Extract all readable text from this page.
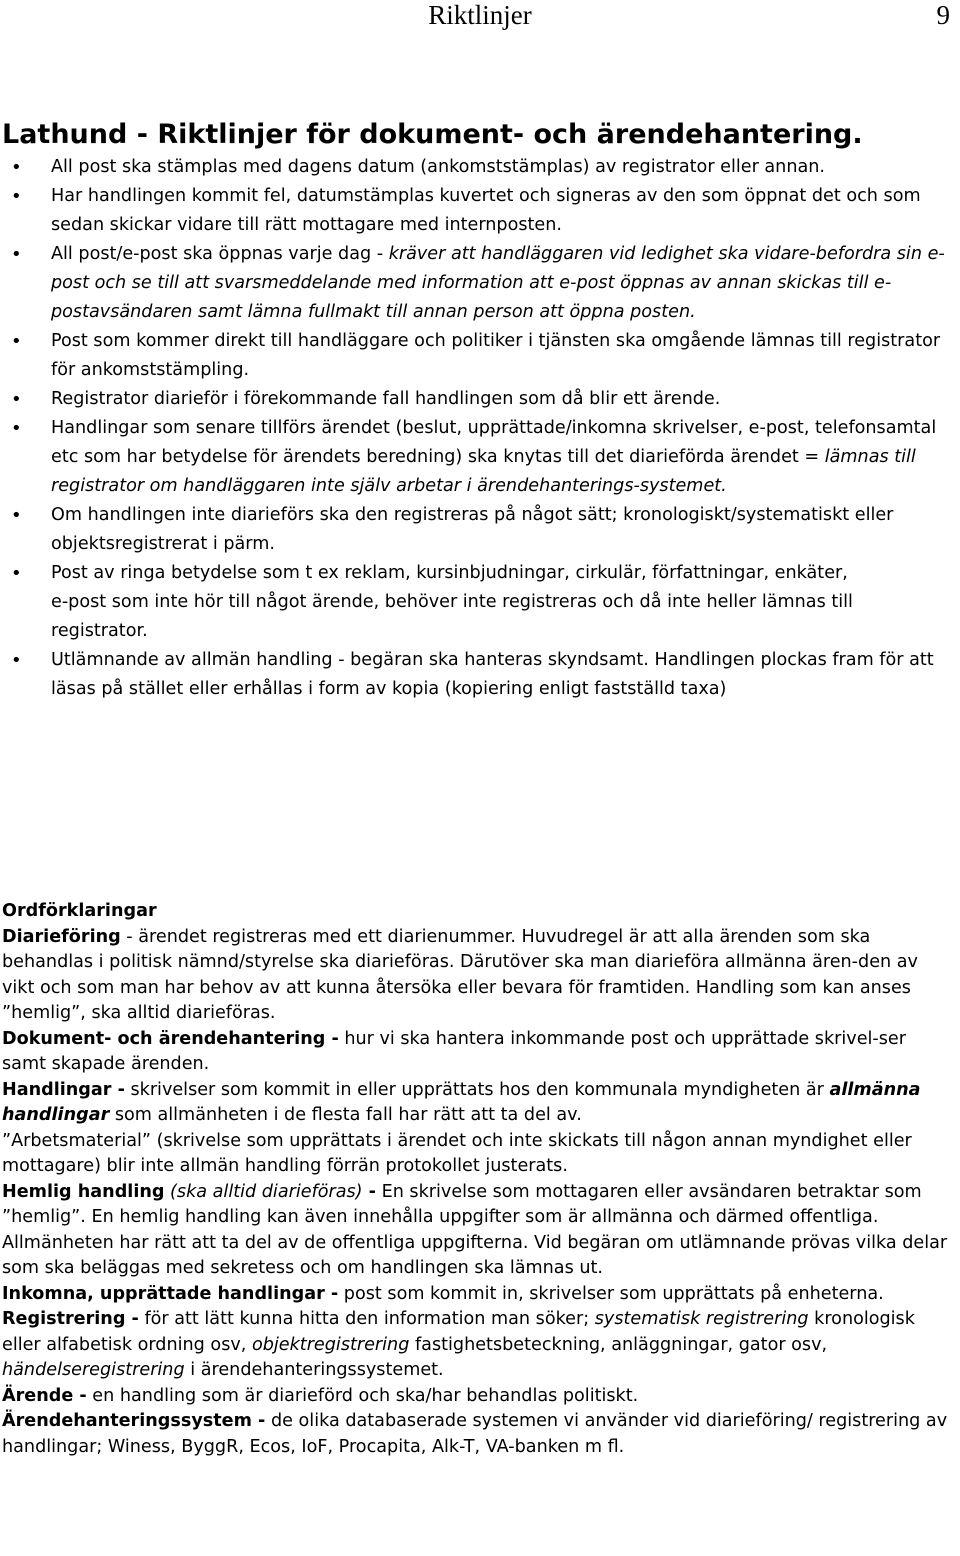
Riktlinjer	9
Lathund - Riktlinjer för dokument- och ärendehantering.
• All post ska stämplas med dagens datum (ankomststämplas) av registrator eller annan.
• Har handlingen kommit fel, datumstämplas kuvertet och signeras av den som öppnat det och som sedan skickar vidare till rätt mottagare med internposten.
• All post/e-post ska öppnas varje dag - kräver att handläggaren vid ledighet ska vidare-befordra sin e-post och se till att svarsmeddelande med information att e-post öppnas av annan skickas till e-postavsändaren samt lämna fullmakt till annan person att öppna posten.
• Post som kommer direkt till handläggare och politiker i tjänsten ska omgående lämnas till registrator för ankomststämpling.
• Registrator diarieför i förekommande fall handlingen som då blir ett ärende.
• Handlingar som senare tillförs ärendet (beslut, upprättade/inkomna skrivelser, e-post, telefonsamtal etc som har betydelse för ärendets beredning) ska knytas till det diarieförda ärendet = lämnas till registrator om handläggaren inte själv arbetar i ärendehanterings-systemet.
• Om handlingen inte diarieförs ska den registreras på något sätt; kronologiskt/systematiskt eller objektsregistrerat i pärm.
• Post av ringa betydelse som t ex reklam, kursinbjudningar, cirkulär, författningar, enkäter,
e-post som inte hör till något ärende, behöver inte registreras och då inte heller lämnas till registrator.
• Utlämnande av allmän handling - begäran ska hanteras skyndsamt. Handlingen plockas fram för att läsas på stället eller erhållas i form av kopia (kopiering enligt fastställd taxa)

Ordförklaringar

Diarieföring - ärendet registreras med ett diarienummer. Huvudregel är att alla ärenden som ska behandlas i politisk nämnd/styrelse ska diarieföras. Därutöver ska man diarieföra allmänna ären-den av vikt och som man har behov av att kunna återsöka eller bevara för framtiden. Handling som kan anses ”hemlig”, ska alltid diarieföras.

Dokument- och ärendehantering - hur vi ska hantera inkommande post och upprättade skrivel-ser samt skapade ärenden.

Handlingar - skrivelser som kommit in eller upprättats hos den kommunala myndigheten är allmänna handlingar som allmänheten i de flesta fall har rätt att ta del av.

”Arbetsmaterial” (skrivelse som upprättats i ärendet och inte skickats till någon annan myndighet eller mottagare) blir inte allmän handling förrän protokollet justerats.

Hemlig handling (ska alltid diarieföras) - En skrivelse som mottagaren eller avsändaren betraktar som ”hemlig”. En hemlig handling kan även innehålla uppgifter som är allmänna och därmed offentliga. Allmänheten har rätt att ta del av de offentliga uppgifterna. Vid begäran om utlämnande prövas vilka delar som ska beläggas med sekretess och om handlingen ska lämnas ut.

Inkomna, upprättade handlingar - post som kommit in, skrivelser som upprättats på enheterna.

Registrering - för att lätt kunna hitta den information man söker; systematisk registrering kronologisk eller alfabetisk ordning osv, objektregistrering fastighetsbeteckning, anläggningar, gator osv, händelseregistrering i ärendehanteringssystemet.

Ärende - en handling som är diarieförd och ska/har behandlas politiskt.

Ärendehanteringssystem - de olika databaserade systemen vi använder vid diarieföring/ registrering av handlingar; Winess, ByggR, Ecos, IoF, Procapita, Alk-T, VA-banken m fl.
